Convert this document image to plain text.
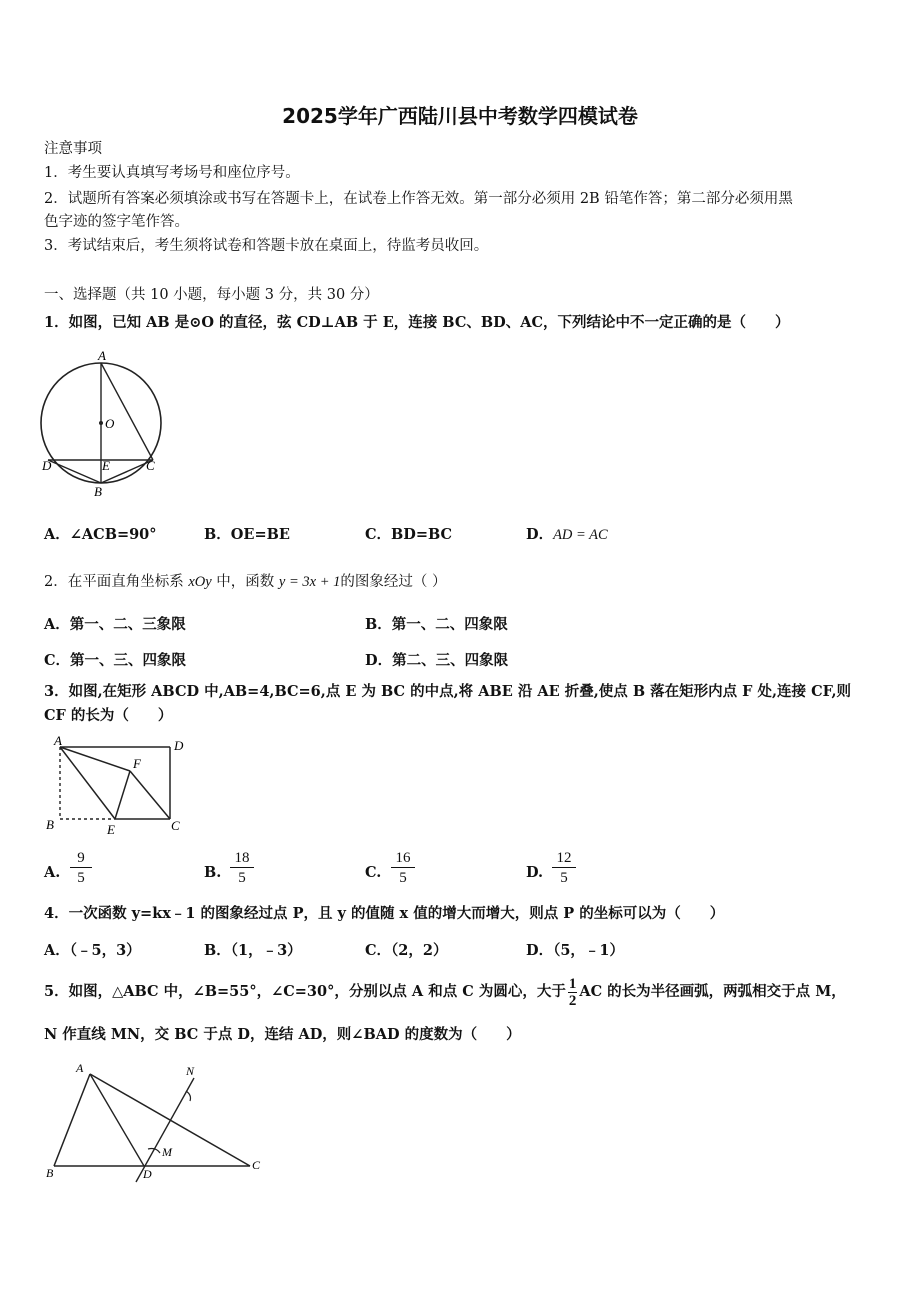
2025学年广西陆川县中考数学四模试卷
注意事项
1．考生要认真填写考场号和座位序号。
2．试题所有答案必须填涂或书写在答题卡上，在试卷上作答无效。第一部分必须用 2B 铅笔作答；第二部分必须用黑
色字迹的签字笔作答。
3．考试结束后，考生须将试卷和答题卡放在桌面上，待监考员收回。
一、选择题（共 10 小题，每小题 3 分，共 30 分）
1．如图，已知 AB 是⊙O 的直径，弦 CD⊥AB 于 E，连接 BC、BD、AC，下列结论中不一定正确的是（　　）
A
O
D	E	C
B
A．∠ACB=90°	B．OE=BE	C．BD=BC	D．AD = AC
2．在平面直角坐标系 xOy 中，函数 y = 3x + 1的图象经过（ ）
A．第一、二、三象限	B．第一、二、四象限
C．第一、三、四象限	D．第二、三、四象限
3．如图,在矩形 ABCD 中,AB=4,BC=6,点 E 为 BC 的中点,将 ABE 沿 AE 折叠,使点 B 落在矩形内点 F 处,连接 CF,则
CF 的长为（　　）
A	D
F
B	E	C
A. $\frac{9}{5}$	B. $\frac{18}{5}$	C. $\frac{16}{5}$	D. $\frac{12}{5}$
4．一次函数 y=kx﹣1 的图象经过点 P，且 y 的值随 x 值的增大而增大，则点 P 的坐标可以为（　　）
A．（﹣5，3）	B．（1，﹣3）	C．（2，2）	D．（5，﹣1）
5．如图，△ABC 中，∠B=55°，∠C=30°，分别以点 A 和点 C 为圆心，大于 $\frac{1}{2}$ AC 的长为半径画弧，两弧相交于点 M，
N 作直线 MN，交 BC 于点 D，连结 AD，则∠BAD 的度数为（　　）
A	N
M
B	D
C
